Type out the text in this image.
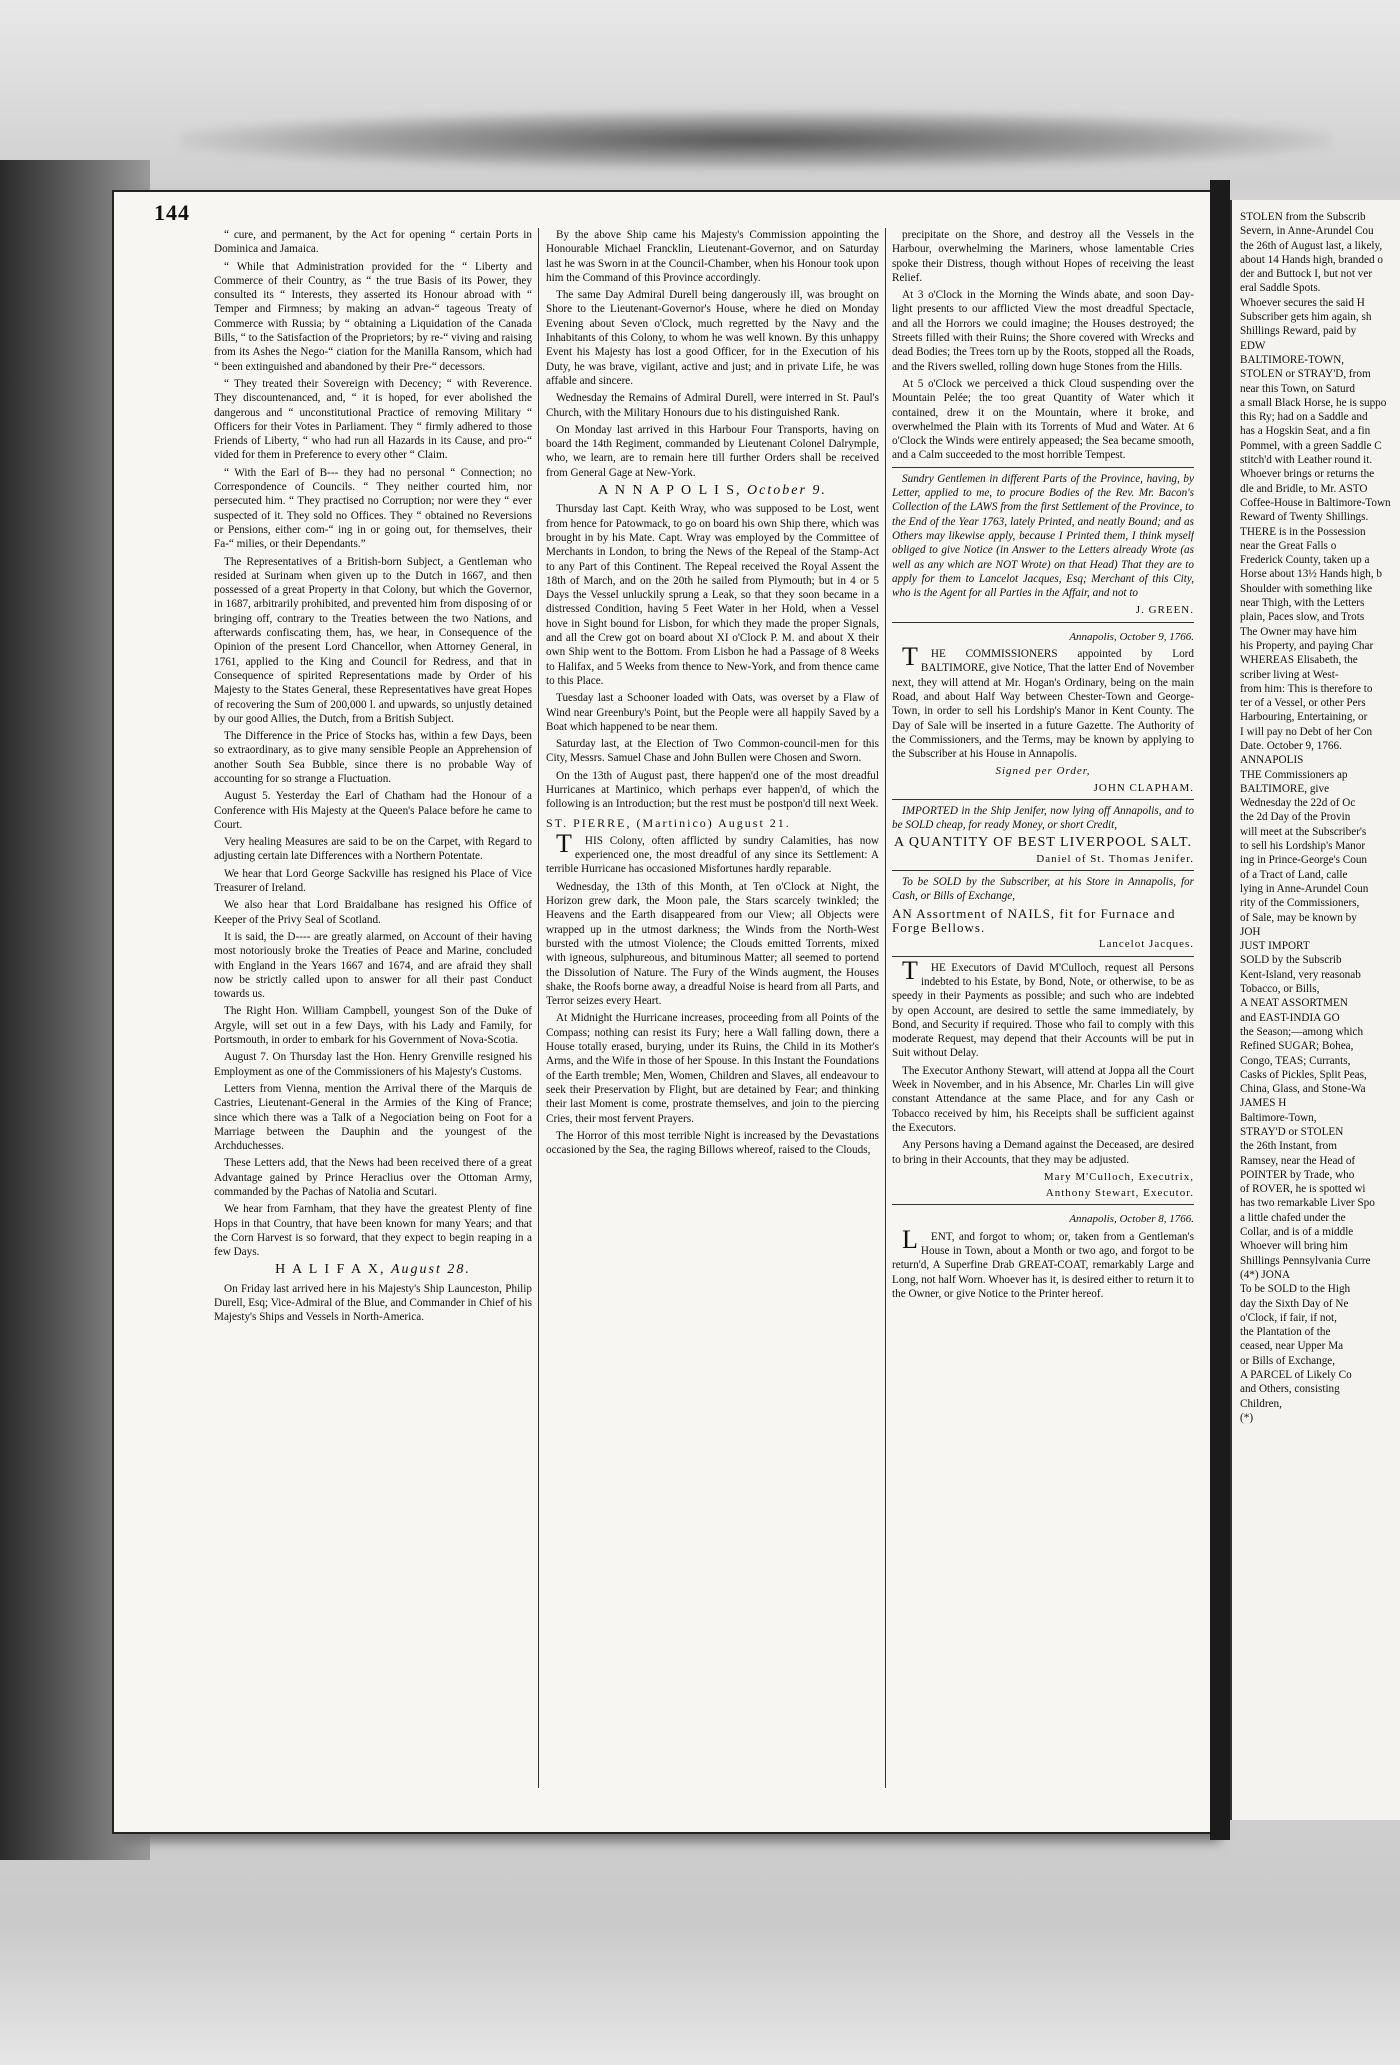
144

“ cure, and permanent, by the Act for opening “ certain Ports in Dominica and Jamaica.

“ While that Administration provided for the “ Liberty and Commerce of their Country, as “ the true Basis of its Power, they consulted its “ Interests, they asserted its Honour abroad with “ Temper and Firmness; by making an advan-“ tageous Treaty of Commerce with Russia; by “ obtaining a Liquidation of the Canada Bills, “ to the Satisfaction of the Proprietors; by re-“ viving and raising from its Ashes the Nego-“ ciation for the Manilla Ransom, which had “ been extinguished and abandoned by their Pre-“ decessors.

“ They treated their Sovereign with Decency; “ with Reverence. They discountenanced, and, “ it is hoped, for ever abolished the dangerous and “ unconstitutional Practice of removing Military “ Officers for their Votes in Parliament. They “ firmly adhered to those Friends of Liberty, “ who had run all Hazards in its Cause, and pro-“ vided for them in Preference to every other “ Claim.

“ With the Earl of B--- they had no personal “ Connection; no Correspondence of Councils. “ They neither courted him, nor persecuted him. “ They practised no Corruption; nor were they “ ever suspected of it. They sold no Offices. They “ obtained no Reversions or Pensions, either com-“ ing in or going out, for themselves, their Fa-“ milies, or their Dependants.”

The Representatives of a British-born Subject, a Gentleman who resided at Surinam when given up to the Dutch in 1667, and then possessed of a great Property in that Colony, but which the Governor, in 1687, arbitrarily prohibited, and prevented him from disposing of or bringing off, contrary to the Treaties between the two Nations, and afterwards confiscating them, has, we hear, in Consequence of the Opinion of the present Lord Chancellor, when Attorney General, in 1761, applied to the King and Council for Redress, and that in Consequence of spirited Representations made by Order of his Majesty to the States General, these Representatives have great Hopes of recovering the Sum of 200,000 l. and upwards, so unjustly detained by our good Allies, the Dutch, from a British Subject.

The Difference in the Price of Stocks has, within a few Days, been so extraordinary, as to give many sensible People an Apprehension of another South Sea Bubble, since there is no probable Way of accounting for so strange a Fluctuation.

August 5. Yesterday the Earl of Chatham had the Honour of a Conference with His Majesty at the Queen's Palace before he came to Court.

Very healing Measures are said to be on the Carpet, with Regard to adjusting certain late Differences with a Northern Potentate.

We hear that Lord George Sackville has resigned his Place of Vice Treasurer of Ireland.

We also hear that Lord Braidalbane has resigned his Office of Keeper of the Privy Seal of Scotland.

It is said, the D---- are greatly alarmed, on Account of their having most notoriously broke the Treaties of Peace and Marine, concluded with England in the Years 1667 and 1674, and are afraid they shall now be strictly called upon to answer for all their past Conduct towards us.

The Right Hon. William Campbell, youngest Son of the Duke of Argyle, will set out in a few Days, with his Lady and Family, for Portsmouth, in order to embark for his Government of Nova-Scotia.

August 7. On Thursday last the Hon. Henry Grenville resigned his Employment as one of the Commissioners of his Majesty's Customs.

Letters from Vienna, mention the Arrival there of the Marquis de Castries, Lieutenant-General in the Armies of the King of France; since which there was a Talk of a Negociation being on Foot for a Marriage between the Dauphin and the youngest of the Archduchesses.

These Letters add, that the News had been received there of a great Advantage gained by Prince Heraclius over the Ottoman Army, commanded by the Pachas of Natolia and Scutari.

We hear from Farnham, that they have the greatest Plenty of fine Hops in that Country, that have been known for many Years; and that the Corn Harvest is so forward, that they expect to begin reaping in a few Days.

H A L I F A X, August 28.

On Friday last arrived here in his Majesty's Ship Launceston, Philip Durell, Esq; Vice-Admiral of the Blue, and Commander in Chief of his Majesty's Ships and Vessels in North-America.

By the above Ship came his Majesty's Commission appointing the Honourable Michael Francklin, Lieutenant-Governor, and on Saturday last he was Sworn in at the Council-Chamber, when his Honour took upon him the Command of this Province accordingly.

The same Day Admiral Durell being dangerously ill, was brought on Shore to the Lieutenant-Governor's House, where he died on Monday Evening about Seven o'Clock, much regretted by the Navy and the Inhabitants of this Colony, to whom he was well known. By this unhappy Event his Majesty has lost a good Officer, for in the Execution of his Duty, he was brave, vigilant, active and just; and in private Life, he was affable and sincere.

Wednesday the Remains of Admiral Durell, were interred in St. Paul's Church, with the Military Honours due to his distinguished Rank.

On Monday last arrived in this Harbour Four Transports, having on board the 14th Regiment, commanded by Lieutenant Colonel Dalrymple, who, we learn, are to remain here till further Orders shall be received from General Gage at New-York.

A N N A P O L I S, October 9.

Thursday last Capt. Keith Wray, who was supposed to be Lost, went from hence for Patowmack, to go on board his own Ship there, which was brought in by his Mate. Capt. Wray was employed by the Committee of Merchants in London, to bring the News of the Repeal of the Stamp-Act to any Part of this Continent. The Repeal received the Royal Assent the 18th of March, and on the 20th he sailed from Plymouth; but in 4 or 5 Days the Vessel unluckily sprung a Leak, so that they soon became in a distressed Condition, having 5 Feet Water in her Hold, when a Vessel hove in Sight bound for Lisbon, for which they made the proper Signals, and all the Crew got on board about XI o'Clock P. M. and about X their own Ship went to the Bottom. From Lisbon he had a Passage of 8 Weeks to Halifax, and 5 Weeks from thence to New-York, and from thence came to this Place.

Tuesday last a Schooner loaded with Oats, was overset by a Flaw of Wind near Greenbury's Point, but the People were all happily Saved by a Boat which happened to be near them.

Saturday last, at the Election of Two Common-council-men for this City, Messrs. Samuel Chase and John Bullen were Chosen and Sworn.

On the 13th of August past, there happen'd one of the most dreadful Hurricanes at Martinico, which perhaps ever happen'd, of which the following is an Introduction; but the rest must be postpon'd till next Week.

ST. PIERRE, (Martinico) August 21.

THIS Colony, often afflicted by sundry Calamities, has now experienced one, the most dreadful of any since its Settlement: A terrible Hurricane has occasioned Misfortunes hardly reparable.

Wednesday, the 13th of this Month, at Ten o'Clock at Night, the Horizon grew dark, the Moon pale, the Stars scarcely twinkled; the Heavens and the Earth disappeared from our View; all Objects were wrapped up in the utmost darkness; the Winds from the North-West bursted with the utmost Violence; the Clouds emitted Torrents, mixed with igneous, sulphureous, and bituminous Matter; all seemed to portend the Dissolution of Nature. The Fury of the Winds augment, the Houses shake, the Roofs borne away, a dreadful Noise is heard from all Parts, and Terror seizes every Heart.

At Midnight the Hurricane increases, proceeding from all Points of the Compass; nothing can resist its Fury; here a Wall falling down, there a House totally erased, burying, under its Ruins, the Child in its Mother's Arms, and the Wife in those of her Spouse. In this Instant the Foundations of the Earth tremble; Men, Women, Children and Slaves, all endeavour to seek their Preservation by Flight, but are detained by Fear; and thinking their last Moment is come, prostrate themselves, and join to the piercing Cries, their most fervent Prayers.

The Horror of this most terrible Night is increased by the Devastations occasioned by the Sea, the raging Billows whereof, raised to the Clouds,

precipitate on the Shore, and destroy all the Vessels in the Harbour, overwhelming the Mariners, whose lamentable Cries spoke their Distress, though without Hopes of receiving the least Relief.

At 3 o'Clock in the Morning the Winds abate, and soon Day-light presents to our afflicted View the most dreadful Spectacle, and all the Horrors we could imagine; the Houses destroyed; the Streets filled with their Ruins; the Shore covered with Wrecks and dead Bodies; the Trees torn up by the Roots, stopped all the Roads, and the Rivers swelled, rolling down huge Stones from the Hills.

At 5 o'Clock we perceived a thick Cloud suspending over the Mountain Pelée; the too great Quantity of Water which it contained, drew it on the Mountain, where it broke, and overwhelmed the Plain with its Torrents of Mud and Water. At 6 o'Clock the Winds were entirely appeased; the Sea became smooth, and a Calm succeeded to the most horrible Tempest.

Sundry Gentlemen in different Parts of the Province, having, by Letter, applied to me, to procure Bodies of the Rev. Mr. Bacon's Collection of the LAWS from the first Settlement of the Province, to the End of the Year 1763, lately Printed, and neatly Bound; and as Others may likewise apply, because I Printed them, I think myself obliged to give Notice (in Answer to the Letters already Wrote (as well as any which are NOT Wrote) on that Head) That they are to apply for them to Lancelot Jacques, Esq; Merchant of this City, who is the Agent for all Parties in the Affair, and not to

J. GREEN.
Annapolis, October 9, 1766.

THE COMMISSIONERS appointed by Lord BALTIMORE, give Notice, That the latter End of November next, they will attend at Mr. Hogan's Ordinary, being on the main Road, and about Half Way between Chester-Town and George-Town, in order to sell his Lordship's Manor in Kent County. The Day of Sale will be inserted in a future Gazette. The Authority of the Commissioners, and the Terms, may be known by applying to the Subscriber at his House in Annapolis.

Signed per Order,
JOHN CLAPHAM.

IMPORTED in the Ship Jenifer, now lying off Annapolis, and to be SOLD cheap, for ready Money, or short Credit,

A QUANTITY OF BEST LIVERPOOL SALT.
Daniel of St. Thomas Jenifer.

To be SOLD by the Subscriber, at his Store in Annapolis, for Cash, or Bills of Exchange,

AN Assortment of NAILS, fit for Furnace and Forge Bellows.
Lancelot Jacques.

THE Executors of David M'Culloch, request all Persons indebted to his Estate, by Bond, Note, or otherwise, to be as speedy in their Payments as possible; and such who are indebted by open Account, are desired to settle the same immediately, by Bond, and Security if required. Those who fail to comply with this moderate Request, may depend that their Accounts will be put in Suit without Delay.

The Executor Anthony Stewart, will attend at Joppa all the Court Week in November, and in his Absence, Mr. Charles Lin will give constant Attendance at the same Place, and for any Cash or Tobacco received by him, his Receipts shall be sufficient against the Executors.

Any Persons having a Demand against the Deceased, are desired to bring in their Accounts, that they may be adjusted.

Mary M'Culloch, Executrix,
Anthony Stewart, Executor.
Annapolis, October 8, 1766.

LENT, and forgot to whom; or, taken from a Gentleman's House in Town, about a Month or two ago, and forgot to be return'd, A Superfine Drab GREAT-COAT, remarkably Large and Long, not half Worn. Whoever has it, is desired either to return it to the Owner, or give Notice to the Printer hereof.

STOLEN from the Subscrib
Severn, in Anne-Arundel Cou
the 26th of August last, a likely,
about 14 Hands high, branded o
der and Buttock I, but not ver
eral Saddle Spots.
Whoever secures the said H
Subscriber gets him again, sh
Shillings Reward, paid by
EDW
BALTIMORE-TOWN,
STOLEN or STRAY'D, from
near this Town, on Saturd
a small Black Horse, he is suppo
this Ry; had on a Saddle and
has a Hogskin Seat, and a fin
Pommel, with a green Saddle C
stitch'd with Leather round it.
Whoever brings or returns the
dle and Bridle, to Mr. ASTO
Coffee-House in Baltimore-Town
Reward of Twenty Shillings.
THERE is in the Possession
near the Great Falls o
Frederick County, taken up a
Horse about 13½ Hands high, b
Shoulder with something like
near Thigh, with the Letters
plain, Paces slow, and Trots
The Owner may have him
his Property, and paying Char
WHEREAS Elisabeth, the
scriber living at West-
from him: This is therefore to
ter of a Vessel, or other Pers
Harbouring, Entertaining, or
I will pay no Debt of her Con
Date. October 9, 1766.
ANNAPOLIS
THE Commissioners ap
BALTIMORE, give
Wednesday the 22d of Oc
the 2d Day of the Provin
will meet at the Subscriber's
to sell his Lordship's Manor
ing in Prince-George's Coun
of a Tract of Land, calle
lying in Anne-Arundel Coun
rity of the Commissioners,
of Sale, may be known by
JOH
JUST IMPORT
SOLD by the Subscrib
Kent-Island, very reasonab
Tobacco, or Bills,
A NEAT ASSORTMEN
and EAST-INDIA GO
the Season;—among which
Refined SUGAR; Bohea,
Congo, TEAS; Currants,
Casks of Pickles, Split Peas,
China, Glass, and Stone-Wa
JAMES H
Baltimore-Town,
STRAY'D or STOLEN
the 26th Instant, from
Ramsey, near the Head of
POINTER by Trade, who
of ROVER, he is spotted wi
has two remarkable Liver Spo
a little chafed under the
Collar, and is of a middle
Whoever will bring him
Shillings Pennsylvania Curre
(4*) JONA
To be SOLD to the High
day the Sixth Day of Ne
o'Clock, if fair, if not,
the Plantation of the
ceased, near Upper Ma
or Bills of Exchange,
A PARCEL of Likely Co
and Others, consisting
Children,
(*)
